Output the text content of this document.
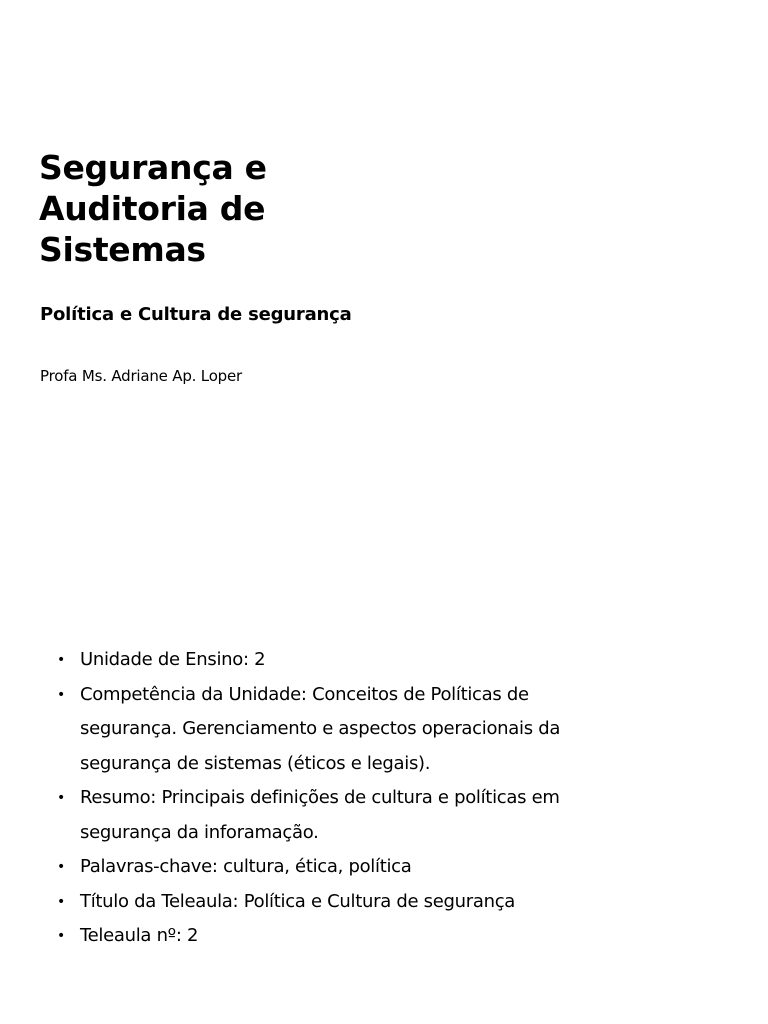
Segurança e Auditoria de Sistemas
Política e Cultura de segurança

Profa Ms. Adriane Ap. Loper

• Unidade de Ensino: 2
• Competência da Unidade: Conceitos de Políticas de segurança. Gerenciamento e aspectos operacionais da segurança de sistemas (éticos e legais).
• Resumo: Principais definições de cultura e políticas em segurança da inforamação.
• Palavras-chave: cultura, ética, política
• Título da Teleaula: Política e Cultura de segurança
• Teleaula nº: 2
